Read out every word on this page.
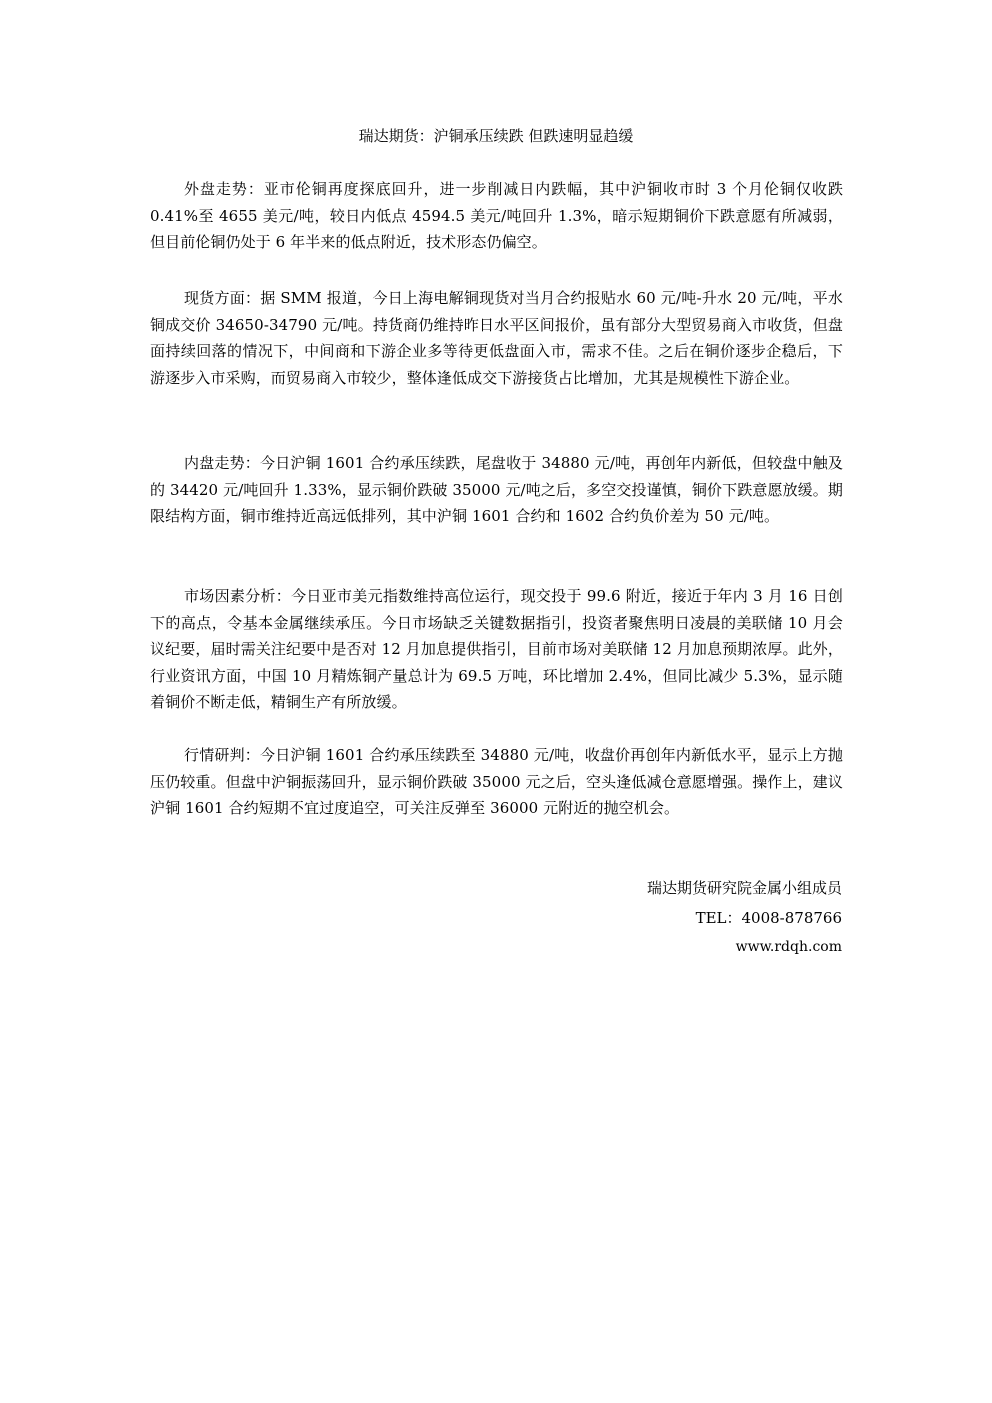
瑞达期货：沪铜承压续跌 但跌速明显趋缓

外盘走势：亚市伦铜再度探底回升，进一步削减日内跌幅，其中沪铜收市时 3 个月伦铜仅收跌 0.41%至 4655 美元/吨，较日内低点 4594.5 美元/吨回升 1.3%，暗示短期铜价下跌意愿有所减弱，但目前伦铜仍处于 6 年半来的低点附近，技术形态仍偏空。

现货方面：据 SMM 报道，今日上海电解铜现货对当月合约报贴水 60 元/吨-升水 20 元/吨，平水铜成交价 34650-34790 元/吨。持货商仍维持昨日水平区间报价，虽有部分大型贸易商入市收货，但盘面持续回落的情况下，中间商和下游企业多等待更低盘面入市，需求不佳。之后在铜价逐步企稳后，下游逐步入市采购，而贸易商入市较少，整体逢低成交下游接货占比增加，尤其是规模性下游企业。

内盘走势：今日沪铜 1601 合约承压续跌，尾盘收于 34880 元/吨，再创年内新低，但较盘中触及的 34420 元/吨回升 1.33%，显示铜价跌破 35000 元/吨之后，多空交投谨慎，铜价下跌意愿放缓。期限结构方面，铜市维持近高远低排列，其中沪铜 1601 合约和 1602 合约负价差为 50 元/吨。

市场因素分析：今日亚市美元指数维持高位运行，现交投于 99.6 附近，接近于年内 3 月 16 日创下的高点，令基本金属继续承压。今日市场缺乏关键数据指引，投资者聚焦明日凌晨的美联储 10 月会议纪要，届时需关注纪要中是否对 12 月加息提供指引，目前市场对美联储 12 月加息预期浓厚。此外，行业资讯方面，中国 10 月精炼铜产量总计为 69.5 万吨，环比增加 2.4%，但同比减少 5.3%，显示随着铜价不断走低，精铜生产有所放缓。

行情研判：今日沪铜 1601 合约承压续跌至 34880 元/吨，收盘价再创年内新低水平，显示上方抛压仍较重。但盘中沪铜振荡回升，显示铜价跌破 35000 元之后，空头逢低减仓意愿增强。操作上，建议沪铜 1601 合约短期不宜过度追空，可关注反弹至 36000 元附近的抛空机会。

瑞达期货研究院金属小组成员
TEL：4008-878766
www.rdqh.com
